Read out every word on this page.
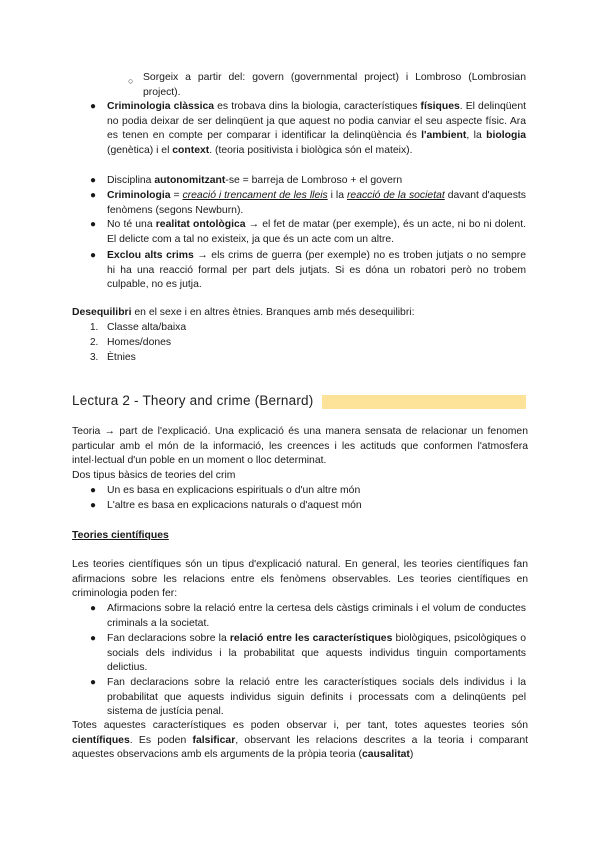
○ Sorgeix a partir del: govern (governmental project) i Lombroso (Lombrosian project).

● Criminologia clàssica es trobava dins la biologia, característiques físiques. El delinqüent no podia deixar de ser delinqüent ja que aquest no podia canviar el seu aspecte físic. Ara es tenen en compte per comparar i identificar la delinqüència és l'ambient, la biologia (genètica) i el context. (teoria positivista i biològica són el mateix).

● Disciplina autonomitzant-se = barreja de Lombroso + el govern

● Criminologia = creació i trencament de les lleis i la reacció de la societat davant d'aquests fenòmens (segons Newburn).

● No té una realitat ontològica → el fet de matar (per exemple), és un acte, ni bo ni dolent. El delicte com a tal no existeix, ja que és un acte com un altre.

● Exclou alts crims → els crims de guerra (per exemple) no es troben jutjats o no sempre hi ha una reacció formal per part dels jutjats. Si es dóna un robatori però no trobem culpable, no es jutja.

Desequilibri en el sexe i en altres ètnies. Branques amb més desequilibri:

1. Classe alta/baixa

2. Homes/dones

3. Ètnies

Lectura 2 - Theory and crime (Bernard)

Teoria → part de l'explicació. Una explicació és una manera sensata de relacionar un fenomen particular amb el món de la informació, les creences i les actituds que conformen l'atmosfera intel·lectual d'un poble en un moment o lloc determinat.

Dos tipus bàsics de teories del crim

● Un es basa en explicacions espirituals o d'un altre món

● L'altre es basa en explicacions naturals o d'aquest món

Teories científiques

Les teories científiques són un tipus d'explicació natural. En general, les teories científiques fan afirmacions sobre les relacions entre els fenòmens observables. Les teories científiques en criminologia poden fer:

● Afirmacions sobre la relació entre la certesa dels càstigs criminals i el volum de conductes criminals a la societat.

● Fan declaracions sobre la relació entre les característiques biològiques, psicològiques o socials dels individus i la probabilitat que aquests individus tinguin comportaments delictius.

● Fan declaracions sobre la relació entre les característiques socials dels individus i la probabilitat que aquests individus siguin definits i processats com a delinqüents pel sistema de justícia penal.

Totes aquestes característiques es poden observar i, per tant, totes aquestes teories són científiques. Es poden falsificar, observant les relacions descrites a la teoria i comparant aquestes observacions amb els arguments de la pròpia teoria (causalitat)
